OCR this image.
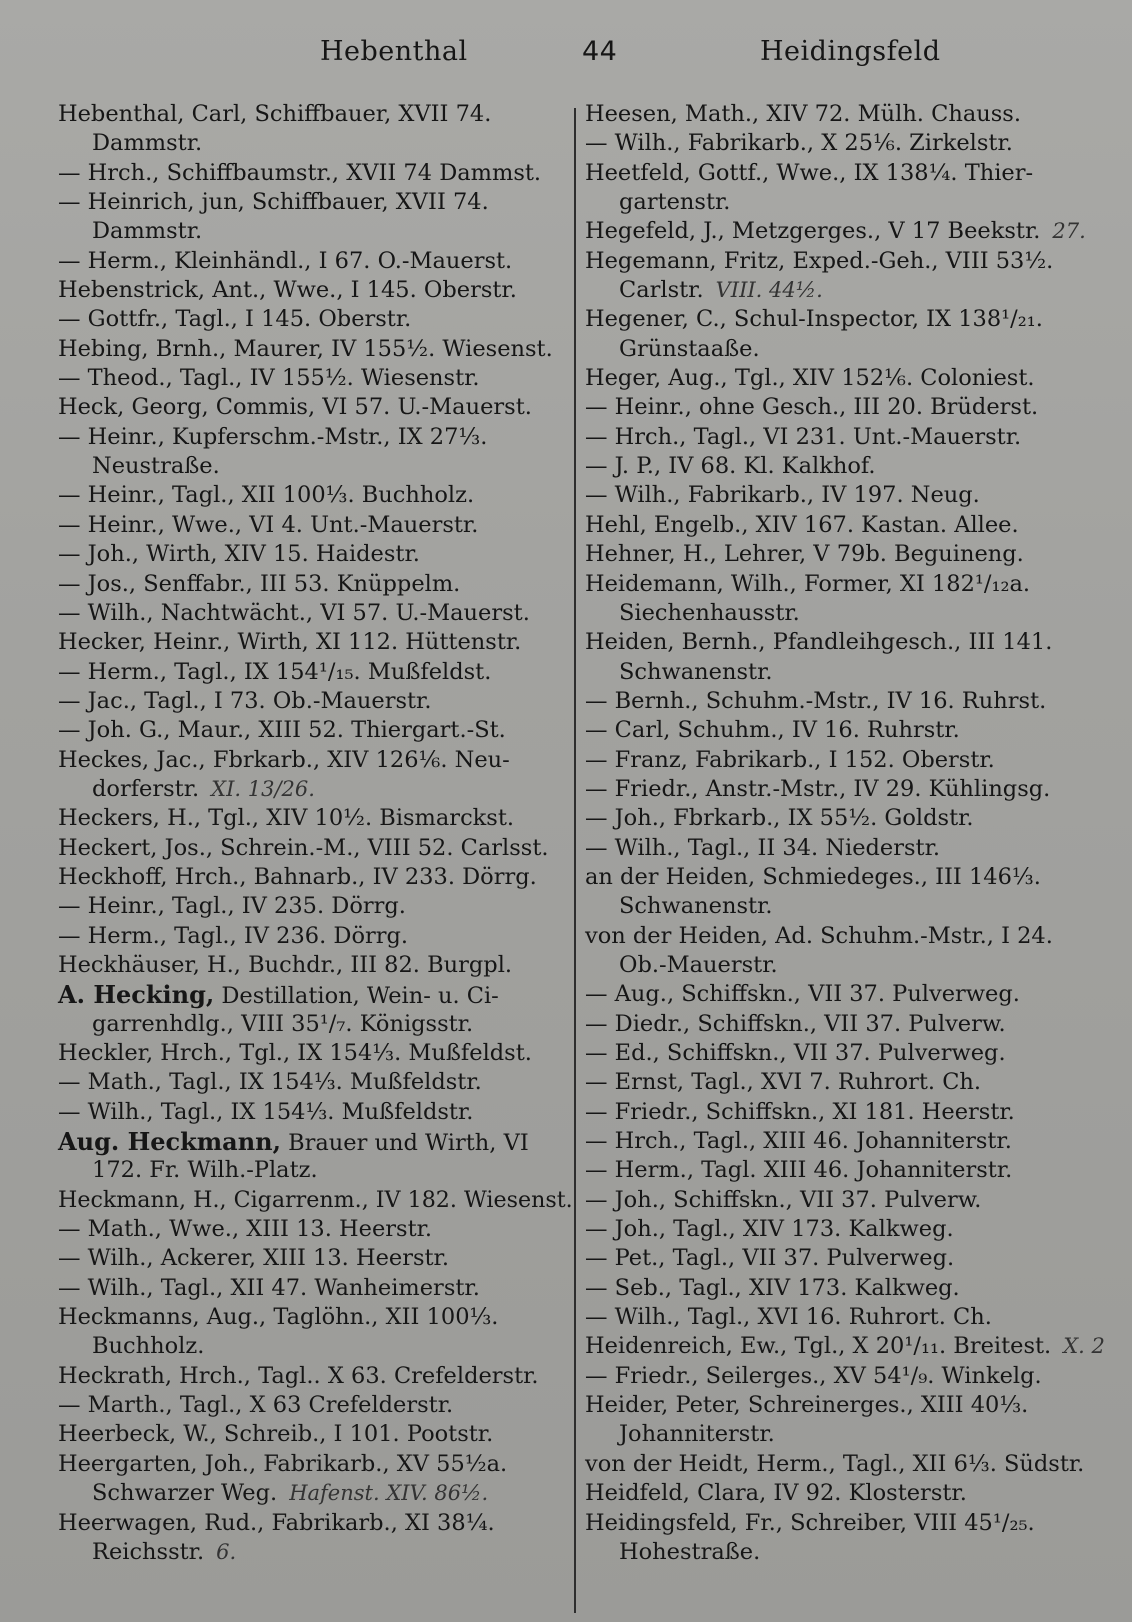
Hebenthal	44	Heidingsfeld
Hebenthal, Carl, Schiffbauer, XVII 74.
Dammstr.
— Hrch., Schiffbaumstr., XVII 74 Dammst.
— Heinrich, jun, Schiffbauer, XVII 74.
Dammstr.
— Herm., Kleinhändl., I 67. O.-Mauerst.
Hebenstrick, Ant., Wwe., I 145. Oberstr.
— Gottfr., Tagl., I 145. Oberstr.
Hebing, Brnh., Maurer, IV 155½. Wiesenst.
— Theod., Tagl., IV 155½. Wiesenstr.
Heck, Georg, Commis, VI 57. U.-Mauerst.
— Heinr., Kupferschm.-Mstr., IX 27⅓.
Neustraße.
— Heinr., Tagl., XII 100⅓. Buchholz.
— Heinr., Wwe., VI 4. Unt.-Mauerstr.
— Joh., Wirth, XIV 15. Haidestr.
— Jos., Senffabr., III 53. Knüppelm.
— Wilh., Nachtwächt., VI 57. U.-Mauerst.
Hecker, Heinr., Wirth, XI 112. Hüttenstr.
— Herm., Tagl., IX 154¹/₁₅. Mußfeldst.
— Jac., Tagl., I 73. Ob.-Mauerstr.
— Joh. G., Maur., XIII 52. Thiergart.-St.
Heckes, Jac., Fbrkarb., XIV 126⅙. Neu-
dorferstr. XI. 13/26.
Heckers, H., Tgl., XIV 10½. Bismarckst.
Heckert, Jos., Schrein.-M., VIII 52. Carlsst.
Heckhoff, Hrch., Bahnarb., IV 233. Dörrg.
— Heinr., Tagl., IV 235. Dörrg.
— Herm., Tagl., IV 236. Dörrg.
Heckhäuser, H., Buchdr., III 82. Burgpl.
A. Hecking, Destillation, Wein- u. Ci-
garrenhdlg., VIII 35¹/₇. Königsstr.
Heckler, Hrch., Tgl., IX 154⅓. Mußfeldst.
— Math., Tagl., IX 154⅓. Mußfeldstr.
— Wilh., Tagl., IX 154⅓. Mußfeldstr.
Aug. Heckmann, Brauer und Wirth, VI
172. Fr. Wilh.-Platz.
Heckmann, H., Cigarrenm., IV 182. Wiesenst.
— Math., Wwe., XIII 13. Heerstr.
— Wilh., Ackerer, XIII 13. Heerstr.
— Wilh., Tagl., XII 47. Wanheimerstr.
Heckmanns, Aug., Taglöhn., XII 100⅓.
Buchholz.
Heckrath, Hrch., Tagl.. X 63. Crefelderstr.
— Marth., Tagl., X 63 Crefelderstr.
Heerbeck, W., Schreib., I 101. Pootstr.
Heergarten, Joh., Fabrikarb., XV 55½a.
Schwarzer Weg. Hafenst. XIV. 86½.
Heerwagen, Rud., Fabrikarb., XI 38¼.
Reichsstr. 6.
Heesen, Math., XIV 72. Mülh. Chauss.
— Wilh., Fabrikarb., X 25⅙. Zirkelstr.
Heetfeld, Gottf., Wwe., IX 138¼. Thier-
gartenstr.
Hegefeld, J., Metzgerges., V 17 Beekstr. 27.
Hegemann, Fritz, Exped.-Geh., VIII 53½.
Carlstr. VIII. 44½.
Hegener, C., Schul-Inspector, IX 138¹/₂₁.
Grünstaaße.
Heger, Aug., Tgl., XIV 152⅙. Coloniest.
— Heinr., ohne Gesch., III 20. Brüderst.
— Hrch., Tagl., VI 231. Unt.-Mauerstr.
— J. P., IV 68. Kl. Kalkhof.
— Wilh., Fabrikarb., IV 197. Neug.
Hehl, Engelb., XIV 167. Kastan. Allee.
Hehner, H., Lehrer, V 79b. Beguineng.
Heidemann, Wilh., Former, XI 182¹/₁₂a.
Siechenhausstr.
Heiden, Bernh., Pfandleihgesch., III 141.
Schwanenstr.
— Bernh., Schuhm.-Mstr., IV 16. Ruhrst.
— Carl, Schuhm., IV 16. Ruhrstr.
— Franz, Fabrikarb., I 152. Oberstr.
— Friedr., Anstr.-Mstr., IV 29. Kühlingsg.
— Joh., Fbrkarb., IX 55½. Goldstr.
— Wilh., Tagl., II 34. Niederstr.
an der Heiden, Schmiedeges., III 146⅓.
Schwanenstr.
von der Heiden, Ad. Schuhm.-Mstr., I 24.
Ob.-Mauerstr.
— Aug., Schiffskn., VII 37. Pulverweg.
— Diedr., Schiffskn., VII 37. Pulverw.
— Ed., Schiffskn., VII 37. Pulverweg.
— Ernst, Tagl., XVI 7. Ruhrort. Ch.
— Friedr., Schiffskn., XI 181. Heerstr.
— Hrch., Tagl., XIII 46. Johanniterstr.
— Herm., Tagl. XIII 46. Johanniterstr.
— Joh., Schiffskn., VII 37. Pulverw.
— Joh., Tagl., XIV 173. Kalkweg.
— Pet., Tagl., VII 37. Pulverweg.
— Seb., Tagl., XIV 173. Kalkweg.
— Wilh., Tagl., XVI 16. Ruhrort. Ch.
Heidenreich, Ew., Tgl., X 20¹/₁₁. Breitest. X. 2
— Friedr., Seilerges., XV 54¹/₉. Winkelg.
Heider, Peter, Schreinerges., XIII 40⅓.
Johanniterstr.
von der Heidt, Herm., Tagl., XII 6⅓. Südstr.
Heidfeld, Clara, IV 92. Klosterstr.
Heidingsfeld, Fr., Schreiber, VIII 45¹/₂₅.
Hohestraße.
